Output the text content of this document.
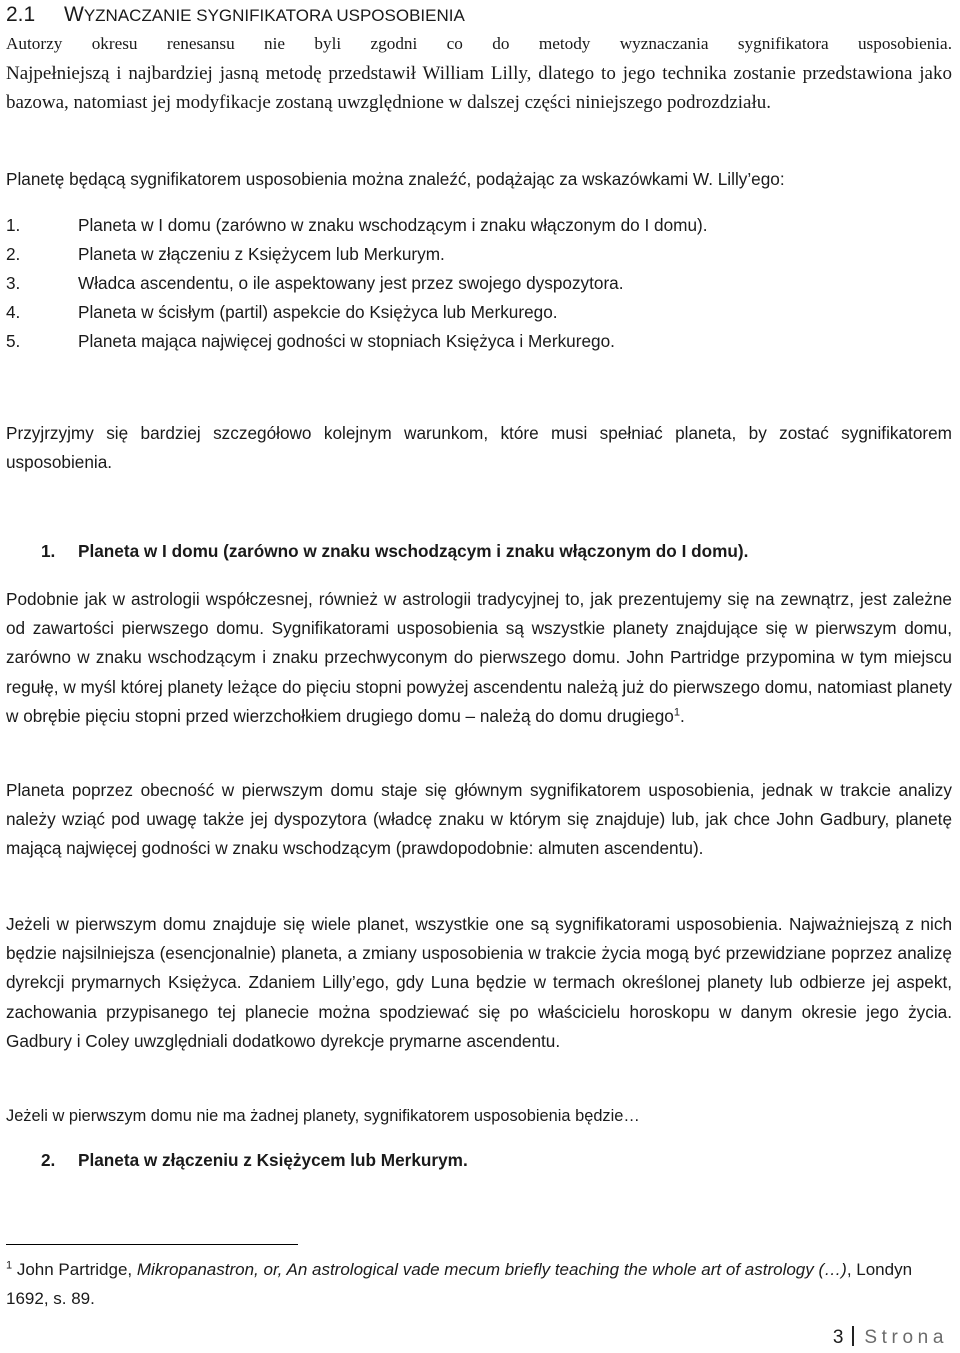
2.1 WYZNACZANIE SYGNIFIKATORA USPOSOBIENIA
Autorzy okresu renesansu nie byli zgodni co do metody wyznaczania sygnifikatora usposobienia.

Najpełniejszą i najbardziej jasną metodę przedstawił William Lilly, dlatego to jego technika zostanie przedstawiona jako bazowa, natomiast jej modyfikacje zostaną uwzględnione w dalszej części niniejszego podrozdziału.

Planetę będącą sygnifikatorem usposobienia można znaleźć, podążając za wskazówkami W. Lilly’ego:
1.	Planeta w I domu (zarówno w znaku wschodzącym i znaku włączonym do I domu).
2.	Planeta w złączeniu z Księżycem lub Merkurym.
3.	Władca ascendentu, o ile aspektowany jest przez swojego dyspozytora.
4.	Planeta w ścisłym (partil) aspekcie do Księżyca lub Merkurego.
5.	Planeta mająca najwięcej godności w stopniach Księżyca i Merkurego.

Przyjrzyjmy się bardziej szczegółowo kolejnym warunkom, które musi spełniać planeta, by zostać sygnifikatorem usposobienia.

1. Planeta w I domu (zarówno w znaku wschodzącym i znaku włączonym do I domu).

Podobnie jak w astrologii współczesnej, również w astrologii tradycyjnej to, jak prezentujemy się na zewnątrz, jest zależne od zawartości pierwszego domu. Sygnifikatorami usposobienia są wszystkie planety znajdujące się w pierwszym domu, zarówno w znaku wschodzącym i znaku przechwyconym do pierwszego domu. John Partridge przypomina w tym miejscu regułę, w myśl której planety leżące do pięciu stopni powyżej ascendentu należą już do pierwszego domu, natomiast planety w obrębie pięciu stopni przed wierzchołkiem drugiego domu – należą do domu drugiego$^1$.

Planeta poprzez obecność w pierwszym domu staje się głównym sygnifikatorem usposobienia, jednak w trakcie analizy należy wziąć pod uwagę także jej dyspozytora (władcę znaku w którym się znajduje) lub, jak chce John Gadbury, planetę mającą najwięcej godności w znaku wschodzącym (prawdopodobnie: almuten ascendentu).

Jeżeli w pierwszym domu znajduje się wiele planet, wszystkie one są sygnifikatorami usposobienia. Najważniejszą z nich będzie najsilniejsza (esencjonalnie) planeta, a zmiany usposobienia w trakcie życia mogą być przewidziane poprzez analizę dyrekcji prymarnych Księżyca. Zdaniem Lilly’ego, gdy Luna będzie w termach określonej planety lub odbierze jej aspekt, zachowania przypisanego tej planecie można spodziewać się po właścicielu horoskopu w danym okresie jego życia. Gadbury i Coley uwzględniali dodatkowo dyrekcje prymarne ascendentu.

Jeżeli w pierwszym domu nie ma żadnej planety, sygnifikatorem usposobienia będzie…
2. Planeta w złączeniu z Księżycem lub Merkurym.

$^1$ John Partridge, Mikropanastron, or, An astrological vade mecum briefly teaching the whole art of astrology (…), Londyn 1692, s. 89.

3 Strona
